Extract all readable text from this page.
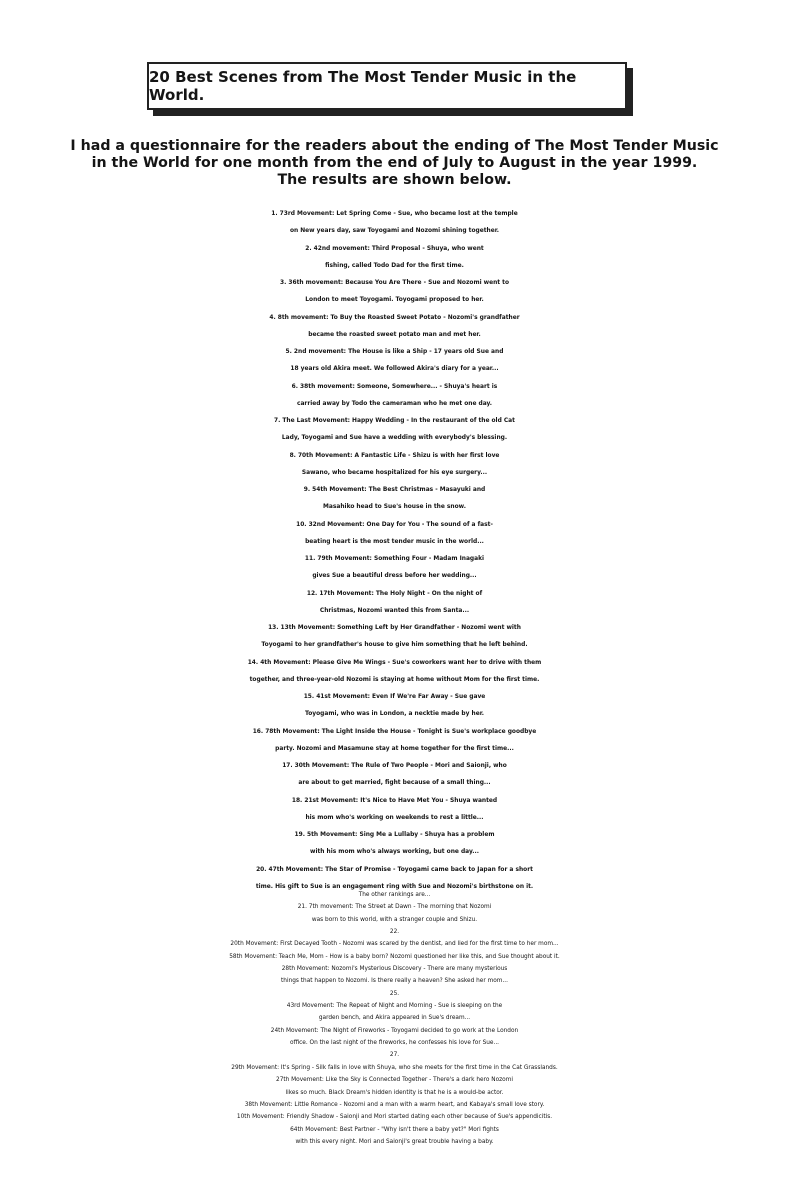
20 Best Scenes from The Most Tender Music in the World.
I had a questionnaire for the readers about the ending of The Most Tender Music
in the World for one month from the end of July to August in the year 1999.
The results are shown below.
1. 73rd Movement: Let Spring Come - Sue, who became lost at the temple
on New years day, saw Toyogami and Nozomi shining together.
2. 42nd movement: Third Proposal - Shuya, who went
fishing, called Todo Dad for the first time.
3. 36th movement: Because You Are There - Sue and Nozomi went to
London to meet Toyogami. Toyogami proposed to her.
4. 8th movement: To Buy the Roasted Sweet Potato - Nozomi's grandfather
became the roasted sweet potato man and met her.
5. 2nd movement: The House is like a Ship - 17 years old Sue and
18 years old Akira meet. We followed Akira's diary for a year...
6. 38th movement: Someone, Somewhere... - Shuya's heart is
carried away by Todo the cameraman who he met one day.
7. The Last Movement: Happy Wedding - In the restaurant of the old Cat
Lady, Toyogami and Sue have a wedding with everybody's blessing.
8. 70th Movement: A Fantastic Life - Shizu is with her first love
Sawano, who became hospitalized for his eye surgery...
9. 54th Movement: The Best Christmas - Masayuki and
Masahiko head to Sue's house in the snow.
10. 32nd Movement: One Day for You - The sound of a fast-
beating heart is the most tender music in the world...
11. 79th Movement: Something Four - Madam Inagaki
gives Sue a beautiful dress before her wedding...
12. 17th Movement: The Holy Night - On the night of
Christmas, Nozomi wanted this from Santa...
13. 13th Movement: Something Left by Her Grandfather - Nozomi went with
Toyogami to her grandfather's house to give him something that he left behind.
14. 4th Movement: Please Give Me Wings - Sue's coworkers want her to drive with them
together, and three-year-old Nozomi is staying at home without Mom for the first time.
15. 41st Movement: Even If We're Far Away - Sue gave
Toyogami, who was in London, a necktie made by her.
16. 78th Movement: The Light Inside the House - Tonight is Sue's workplace goodbye
party. Nozomi and Masamune stay at home together for the first time...
17. 30th Movement: The Rule of Two People - Mori and Saionji, who
are about to get married, fight because of a small thing...
18. 21st Movement: It's Nice to Have Met You - Shuya wanted
his mom who's working on weekends to rest a little...
19. 5th Movement: Sing Me a Lullaby - Shuya has a problem
with his mom who's always working, but one day...
20. 47th Movement: The Star of Promise - Toyogami came back to Japan for a short
time. His gift to Sue is an engagement ring with Sue and Nozomi's birthstone on it.
The other rankings are...
21. 7th movement: The Street at Dawn - The morning that Nozomi
was born to this world, with a stranger couple and Shizu.
22.
20th Movement: First Decayed Tooth - Nozomi was scared by the dentist, and lied for the first time to her mom...
58th Movement: Teach Me, Mom - How is a baby born? Nozomi questioned her like this, and Sue thought about it.
28th Movement: Nozomi's Mysterious Discovery - There are many mysterious
things that happen to Nozomi. Is there really a heaven? She asked her mom...
25.
43rd Movement: The Repeat of Night and Morning - Sue is sleeping on the
garden bench, and Akira appeared in Sue's dream...
24th Movement: The Night of Fireworks - Toyogami decided to go work at the London
office. On the last night of the fireworks, he confesses his love for Sue...
27.
29th Movement: It's Spring - Silk falls in love with Shuya, who she meets for the first time in the Cat Grasslands.
27th Movement: Like the Sky is Connected Together - There's a dark hero Nozomi
likes so much. Black Dream's hidden identity is that he is a would-be actor.
38th Movement: Little Romance - Nozomi and a man with a warm heart, and Kabaya's small love story.
10th Movement: Friendly Shadow - Saionji and Mori started dating each other because of Sue's appendicitis.
64th Movement: Best Partner - "Why isn't there a baby yet?" Mori fights
with this every night. Mori and Saionji's great trouble having a baby.
